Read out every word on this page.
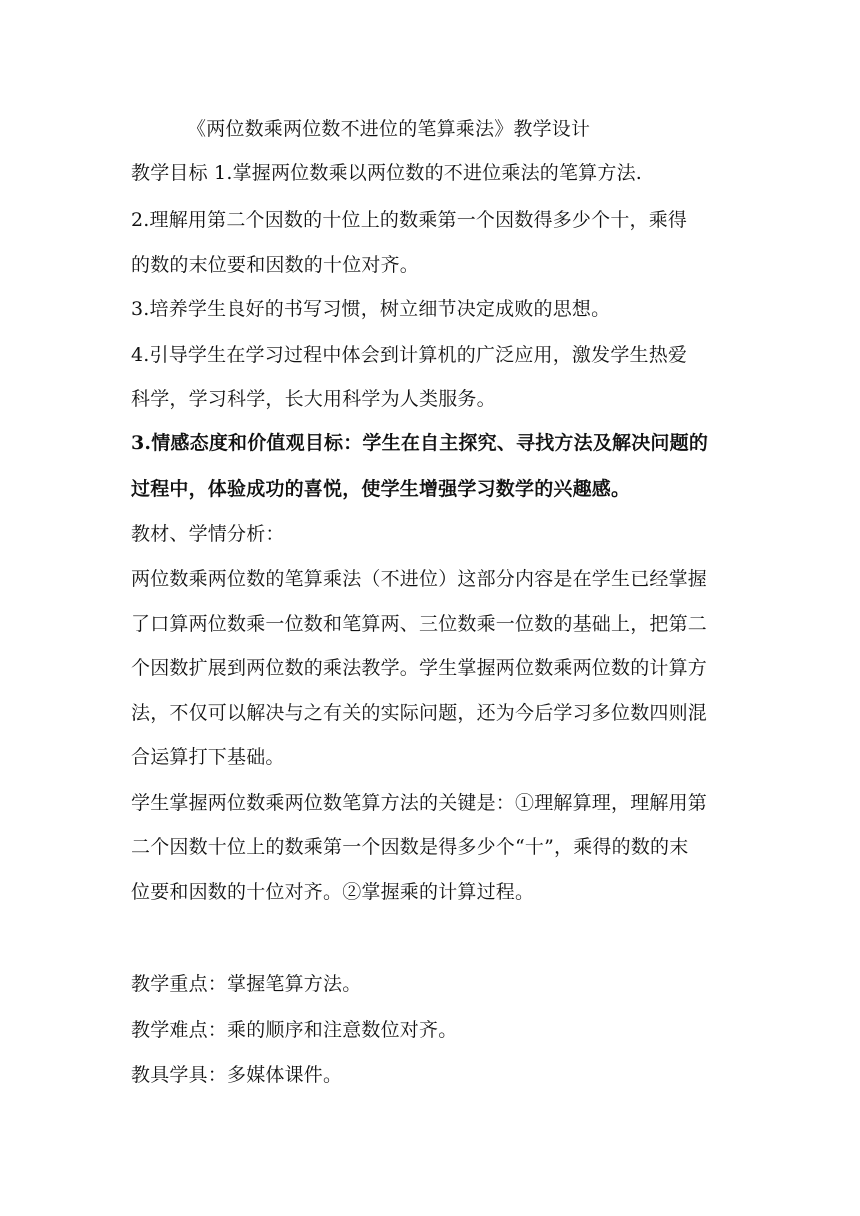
《两位数乘两位数不进位的笔算乘法》教学设计
教学目标 1.掌握两位数乘以两位数的不进位乘法的笔算方法.
2.理解用第二个因数的十位上的数乘第一个因数得多少个十，乘得
的数的末位要和因数的十位对齐。
3.培养学生良好的书写习惯，树立细节决定成败的思想。
4.引导学生在学习过程中体会到计算机的广泛应用，激发学生热爱
科学，学习科学，长大用科学为人类服务。
3.情感态度和价值观目标：学生在自主探究、寻找方法及解决问题的
过程中，体验成功的喜悦，使学生增强学习数学的兴趣感。
教材、学情分析：
两位数乘两位数的笔算乘法（不进位）这部分内容是在学生已经掌握
了口算两位数乘一位数和笔算两、三位数乘一位数的基础上，把第二
个因数扩展到两位数的乘法教学。学生掌握两位数乘两位数的计算方
法，不仅可以解决与之有关的实际问题，还为今后学习多位数四则混
合运算打下基础。
学生掌握两位数乘两位数笔算方法的关键是：①理解算理，理解用第
二个因数十位上的数乘第一个因数是得多少个“十”，乘得的数的末
位要和因数的十位对齐。②掌握乘的计算过程。
教学重点：掌握笔算方法。
教学难点：乘的顺序和注意数位对齐。
教具学具：多媒体课件。
